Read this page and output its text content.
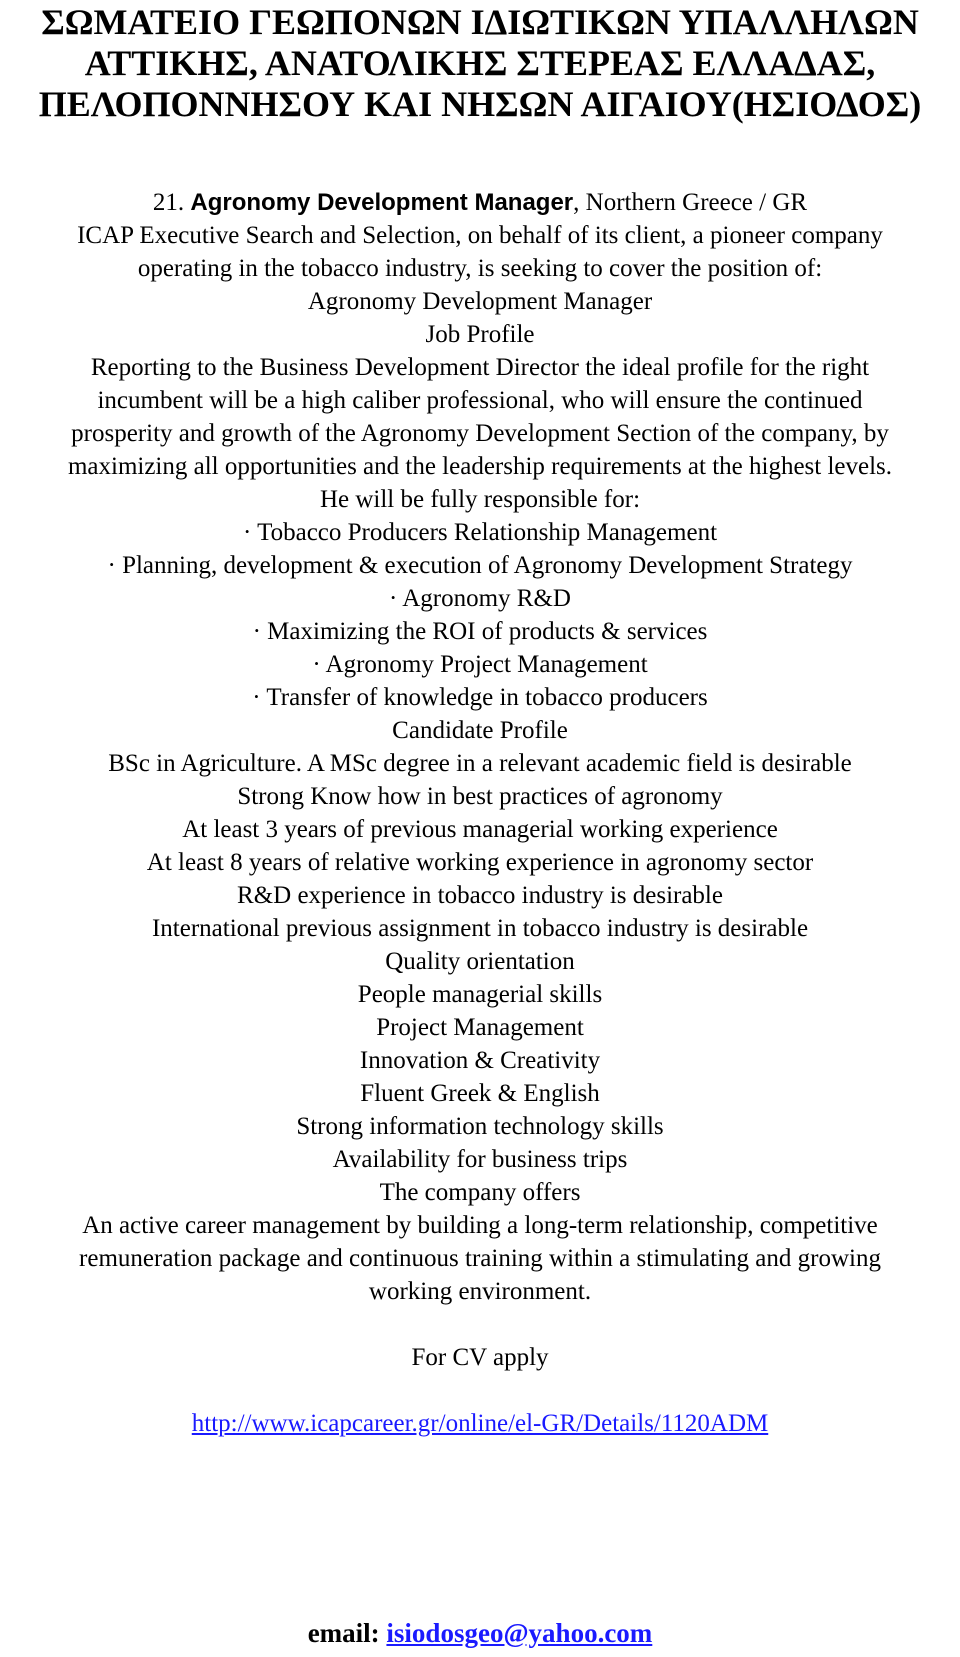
ΣΩΜΑΤΕΙΟ ΓΕΩΠΟΝΩΝ ΙΔΙΩΤΙΚΩΝ ΥΠΑΛΛΗΛΩΝ
ΑΤΤΙΚΗΣ, ΑΝΑΤΟΛΙΚΗΣ ΣΤΕΡΕΑΣ ΕΛΛΑΔΑΣ,
ΠΕΛΟΠΟΝΝΗΣΟΥ ΚΑΙ ΝΗΣΩΝ ΑΙΓΑΙΟΥ(ΗΣΙΟΔΟΣ)
21. Agronomy Development Manager, Northern Greece / GR
ICAP Executive Search and Selection, on behalf of its client, a pioneer company
operating in the tobacco industry, is seeking to cover the position of:
Agronomy Development Manager
Job Profile
Reporting to the Business Development Director the ideal profile for the right
incumbent will be a high caliber professional, who will ensure the continued
prosperity and growth of the Agronomy Development Section of the company, by
maximizing all opportunities and the leadership requirements at the highest levels.
He will be fully responsible for:
· Tobacco Producers Relationship Management
· Planning, development & execution of Agronomy Development Strategy
· Agronomy R&D
· Maximizing the ROI of products & services
· Agronomy Project Management
· Transfer of knowledge in tobacco producers
Candidate Profile
BSc in Agriculture. A MSc degree in a relevant academic field is desirable
Strong Know how in best practices of agronomy
At least 3 years of previous managerial working experience
At least 8 years of relative working experience in agronomy sector
R&D experience in tobacco industry is desirable
International previous assignment in tobacco industry is desirable
Quality orientation
People managerial skills
Project Management
Innovation & Creativity
Fluent Greek & English
Strong information technology skills
Availability for business trips
The company offers
An active career management by building a long-term relationship, competitive
remuneration package and continuous training within a stimulating and growing
working environment.
For CV apply
http://www.icapcareer.gr/online/el-GR/Details/1120ADM
email: isiodosgeo@yahoo.com
